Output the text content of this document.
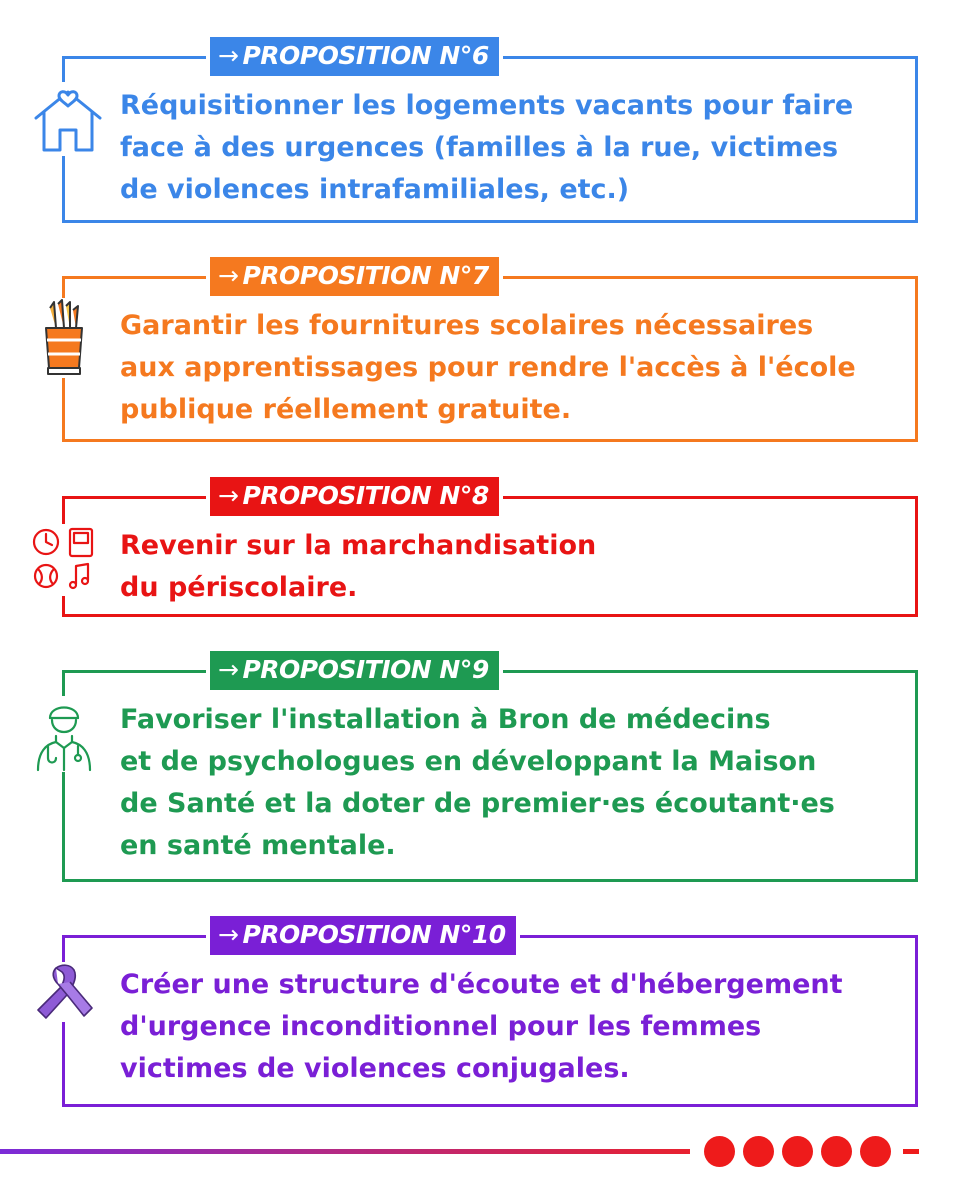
→ PROPOSITION N°6
Réquisitionner les logements vacants pour faire
face à des urgences (familles à la rue, victimes
de violences intrafamiliales, etc.)
→ PROPOSITION N°7
Garantir les fournitures scolaires nécessaires
aux apprentissages pour rendre l'accès à l'école
publique réellement gratuite.
→ PROPOSITION N°8
Revenir sur la marchandisation
du périscolaire.
→ PROPOSITION N°9
Favoriser l'installation à Bron de médecins
et de psychologues en développant la Maison
de Santé et la doter de premier·es écoutant·es
en santé mentale.
→ PROPOSITION N°10
Créer une structure d'écoute et d'hébergement
d'urgence inconditionnel pour les femmes
victimes de violences conjugales.
